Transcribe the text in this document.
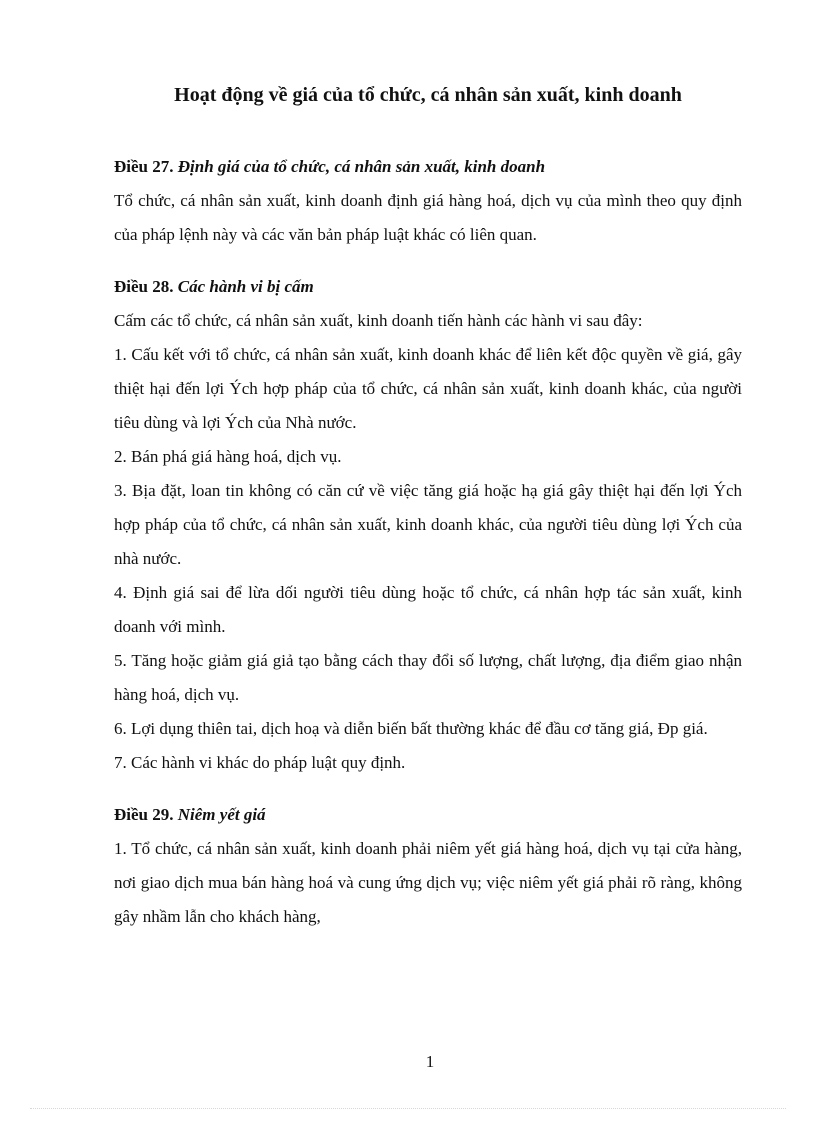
Hoạt động về giá của tổ chức, cá nhân sản xuất, kinh doanh

Điều 27. Định giá của tổ chức, cá nhân sản xuất, kinh doanh

Tổ chức, cá nhân sản xuất, kinh doanh định giá hàng hoá, dịch vụ của mình theo quy định của pháp lệnh này và các văn bản pháp luật khác có liên quan.

Điều 28. Các hành vi bị cấm

Cấm các tổ chức, cá nhân sản xuất, kinh doanh tiến hành các hành vi sau đây:

1. Cấu kết với tổ chức, cá nhân sản xuất, kinh doanh khác để liên kết độc quyền về giá, gây thiệt hại đến lợi Ých hợp pháp của tổ chức, cá nhân sản xuất, kinh doanh khác, của người tiêu dùng và lợi Ých của Nhà nước.

2. Bán phá giá hàng hoá, dịch vụ.

3. Bịa đặt, loan tin không có căn cứ về việc tăng giá hoặc hạ giá gây thiệt hại đến lợi Ých hợp pháp của tổ chức, cá nhân sản xuất, kinh doanh khác, của người tiêu dùng lợi Ých của nhà nước.

4. Định giá sai để lừa dối người tiêu dùng hoặc tổ chức, cá nhân hợp tác sản xuất, kinh doanh với mình.

5. Tăng hoặc giảm giá giả tạo bằng cách thay đổi số lượng, chất lượng, địa điểm giao nhận hàng hoá, dịch vụ.

6. Lợi dụng thiên tai, dịch hoạ và diễn biến bất thường khác để đầu cơ tăng giá, Đp giá.

7. Các hành vi khác do pháp luật quy định.

Điều 29. Niêm yết giá

1. Tổ chức, cá nhân sản xuất, kinh doanh phải niêm yết giá hàng hoá, dịch vụ tại cửa hàng, nơi giao dịch mua bán hàng hoá và cung ứng dịch vụ; việc niêm yết giá phải rõ ràng, không gây nhầm lẫn cho khách hàng,

1
